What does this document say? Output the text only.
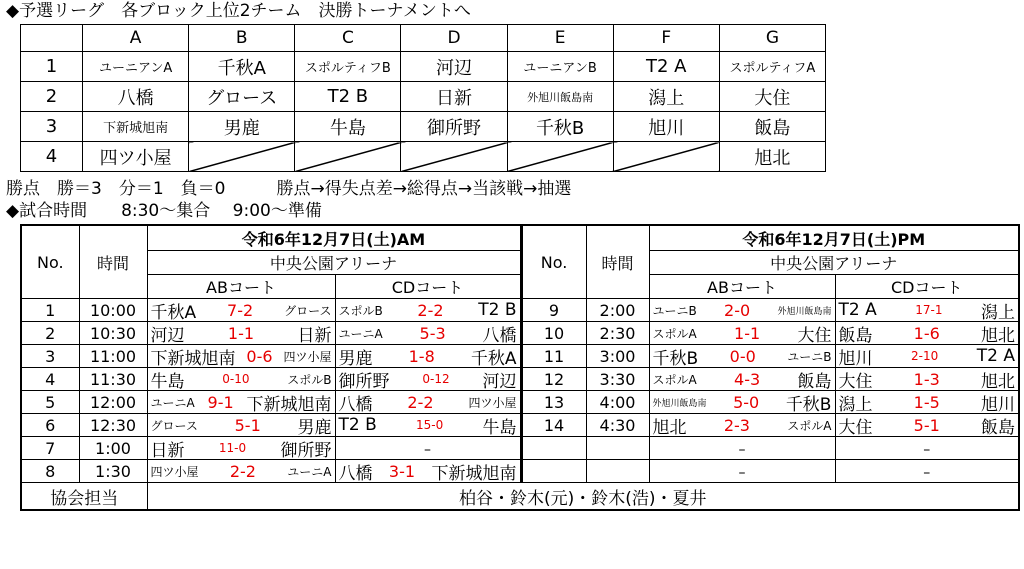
◆予選リーグ　各ブロック上位2チーム　決勝トーナメントへ
	A	B	C	D	E	F	G
1	ユーニアンA	千秋A	スポルティフB	河辺	ユーニアンB	T2 A	スポルティフA
2	八橋	グロース	T2 B	日新	外旭川飯島南	潟上	大住
3	下新城旭南	男鹿	牛島	御所野	千秋B	旭川	飯島
4	四ツ小屋						旭北
勝点　勝＝3　分＝1　負＝0　　　勝点→得失点差→総得点→当該戦→抽選
◆試合時間　　8:30〜集合　 9:00〜準備
No.	時間	令和6年12月7日(土)AM		No.	時間	令和6年12月7日(土)PM	
		中央公園アリーナ				中央公園アリーナ	
		ABコート	CDコート			ABコート	CDコート
1	10:00	千秋A 7-2 グロース	スポルB 2-2 T2 B	9	2:00	ユーニB 2-0 外旭川飯島南	T2 A 17-1 潟上

2	10:30	河辺 1-1 日新	ユーニA 5-3 八橋	10	2:30	スポルA 1-1 大住	飯島 1-6 旭北

3	11:00	下新城旭南 0-6 四ツ小屋	男鹿 1-8 千秋A	11	3:00	千秋B 0-0 ユーニB	旭川 2-10 T2 A

4	11:30	牛島 0-10 スポルB	御所野 0-12 河辺	12	3:30	スポルA 4-3 飯島	大住 1-3 旭北

5	12:00	ユーニA 9-1 下新城旭南	八橋 2-2 四ツ小屋	13	4:00	外旭川飯島南 5-0 千秋B	潟上 1-5 旭川

6	12:30	グロース 5-1 男鹿	T2 B 15-0 牛島	14	4:30	旭北 2-3 スポルA	大住 5-1 飯島

7	1:00	日新 11-0 御所野	–			–	–
8	1:30	四ツ小屋 2-2 ユーニA	八橋 3-1 下新城旭南			–	–
協会担当		柏谷・鈴木(元)・鈴木(浩)・夏井					
